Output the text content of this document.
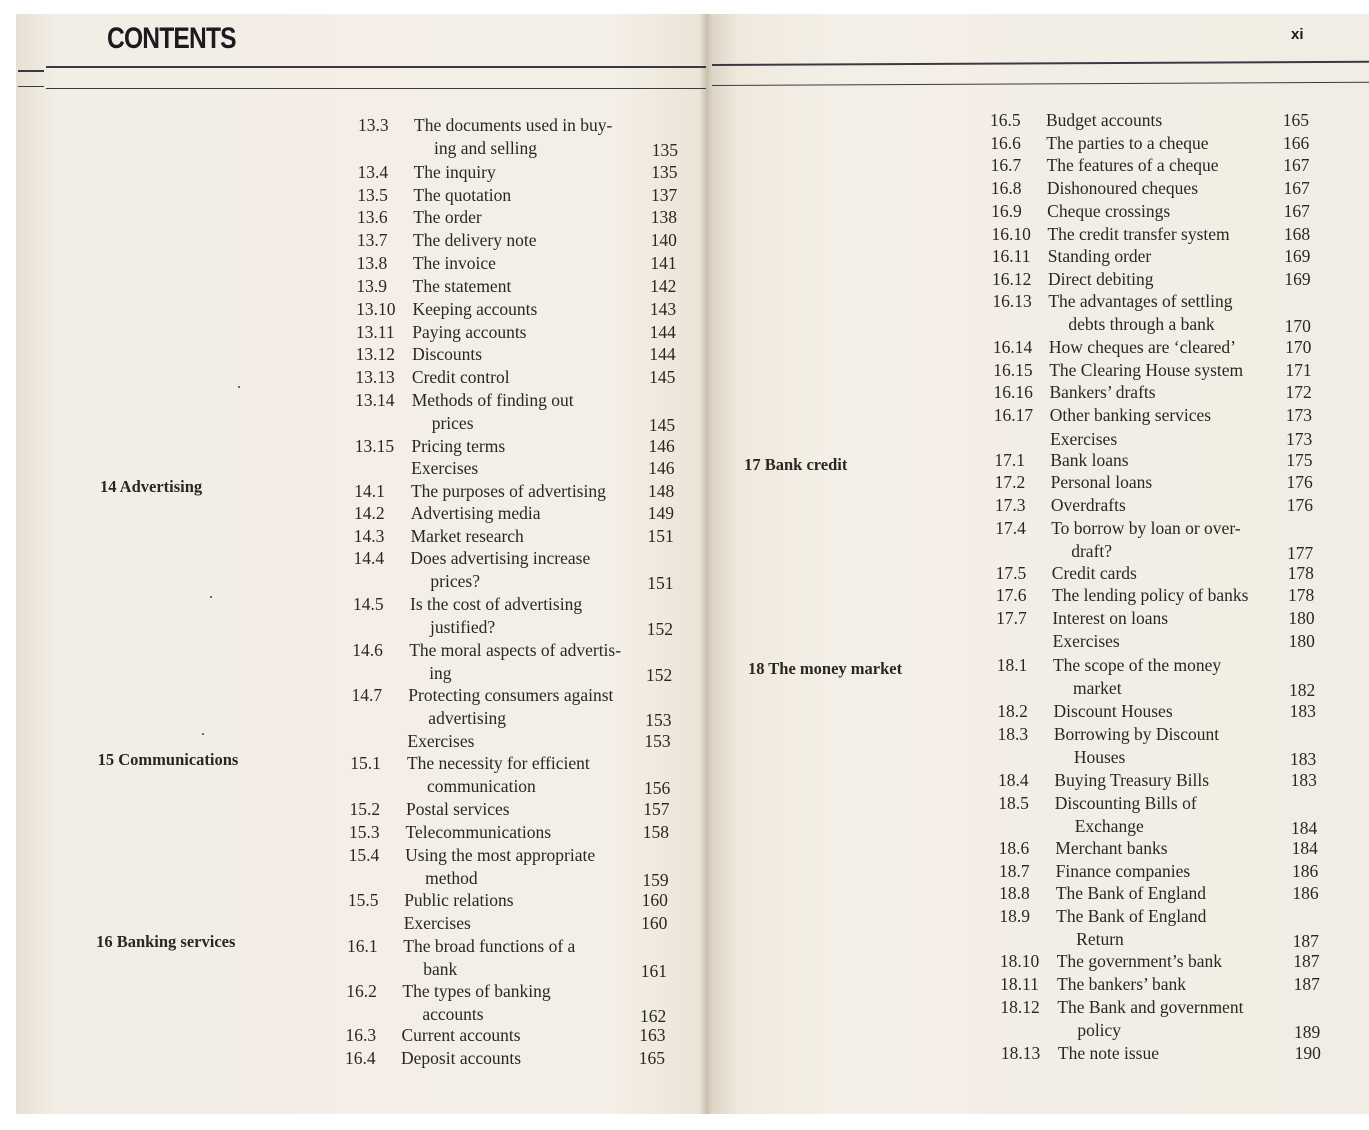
CONTENTS	xi
14 Advertising
15 Communications
16 Banking services
13.3 The documents used in buy-
ing and selling	135
13.4 The inquiry	135
13.5 The quotation	137
13.6 The order	138
13.7 The delivery note	140
13.8 The invoice	141
13.9 The statement	142
13.10 Keeping accounts	143
13.11 Paying accounts	144
13.12 Discounts	144
13.13 Credit control	145
13.14 Methods of finding out
prices	145
13.15 Pricing terms	146
Exercises	146
14.1 The purposes of advertising	148
14.2 Advertising media	149
14.3 Market research	151
14.4 Does advertising increase
prices?	151
14.5 Is the cost of advertising
justified?	152
14.6 The moral aspects of advertis-
ing	152
14.7 Protecting consumers against
advertising	153
Exercises	153
15.1 The necessity for efficient
communication	156
15.2 Postal services	157
15.3 Telecommunications	158
15.4 Using the most appropriate
method	159
15.5 Public relations	160
Exercises	160
16.1 The broad functions of a
bank	161
16.2 The types of banking
accounts	162
16.3 Current accounts	163
16.4 Deposit accounts	165
17 Bank credit
18 The money market
16.5 Budget accounts	165
16.6 The parties to a cheque	166
16.7 The features of a cheque	167
16.8 Dishonoured cheques	167
16.9 Cheque crossings	167
16.10 The credit transfer system	168
16.11 Standing order	169
16.12 Direct debiting	169
16.13 The advantages of settling
debts through a bank	170
16.14 How cheques are ‘cleared’	170
16.15 The Clearing House system	171
16.16 Bankers’ drafts	172
16.17 Other banking services	173
Exercises	173
17.1 Bank loans	175
17.2 Personal loans	176
17.3 Overdrafts	176
17.4 To borrow by loan or over-
draft?	177
17.5 Credit cards	178
17.6 The lending policy of banks	178
17.7 Interest on loans	180
Exercises	180
18.1 The scope of the money
market	182
18.2 Discount Houses	183
18.3 Borrowing by Discount
Houses	183
18.4 Buying Treasury Bills	183
18.5 Discounting Bills of
Exchange	184
18.6 Merchant banks	184
18.7 Finance companies	186
18.8 The Bank of England	186
18.9 The Bank of England
Return	187
18.10 The government’s bank	187
18.11 The bankers’ bank	187
18.12 The Bank and government
policy	189
18.13 The note issue	190
